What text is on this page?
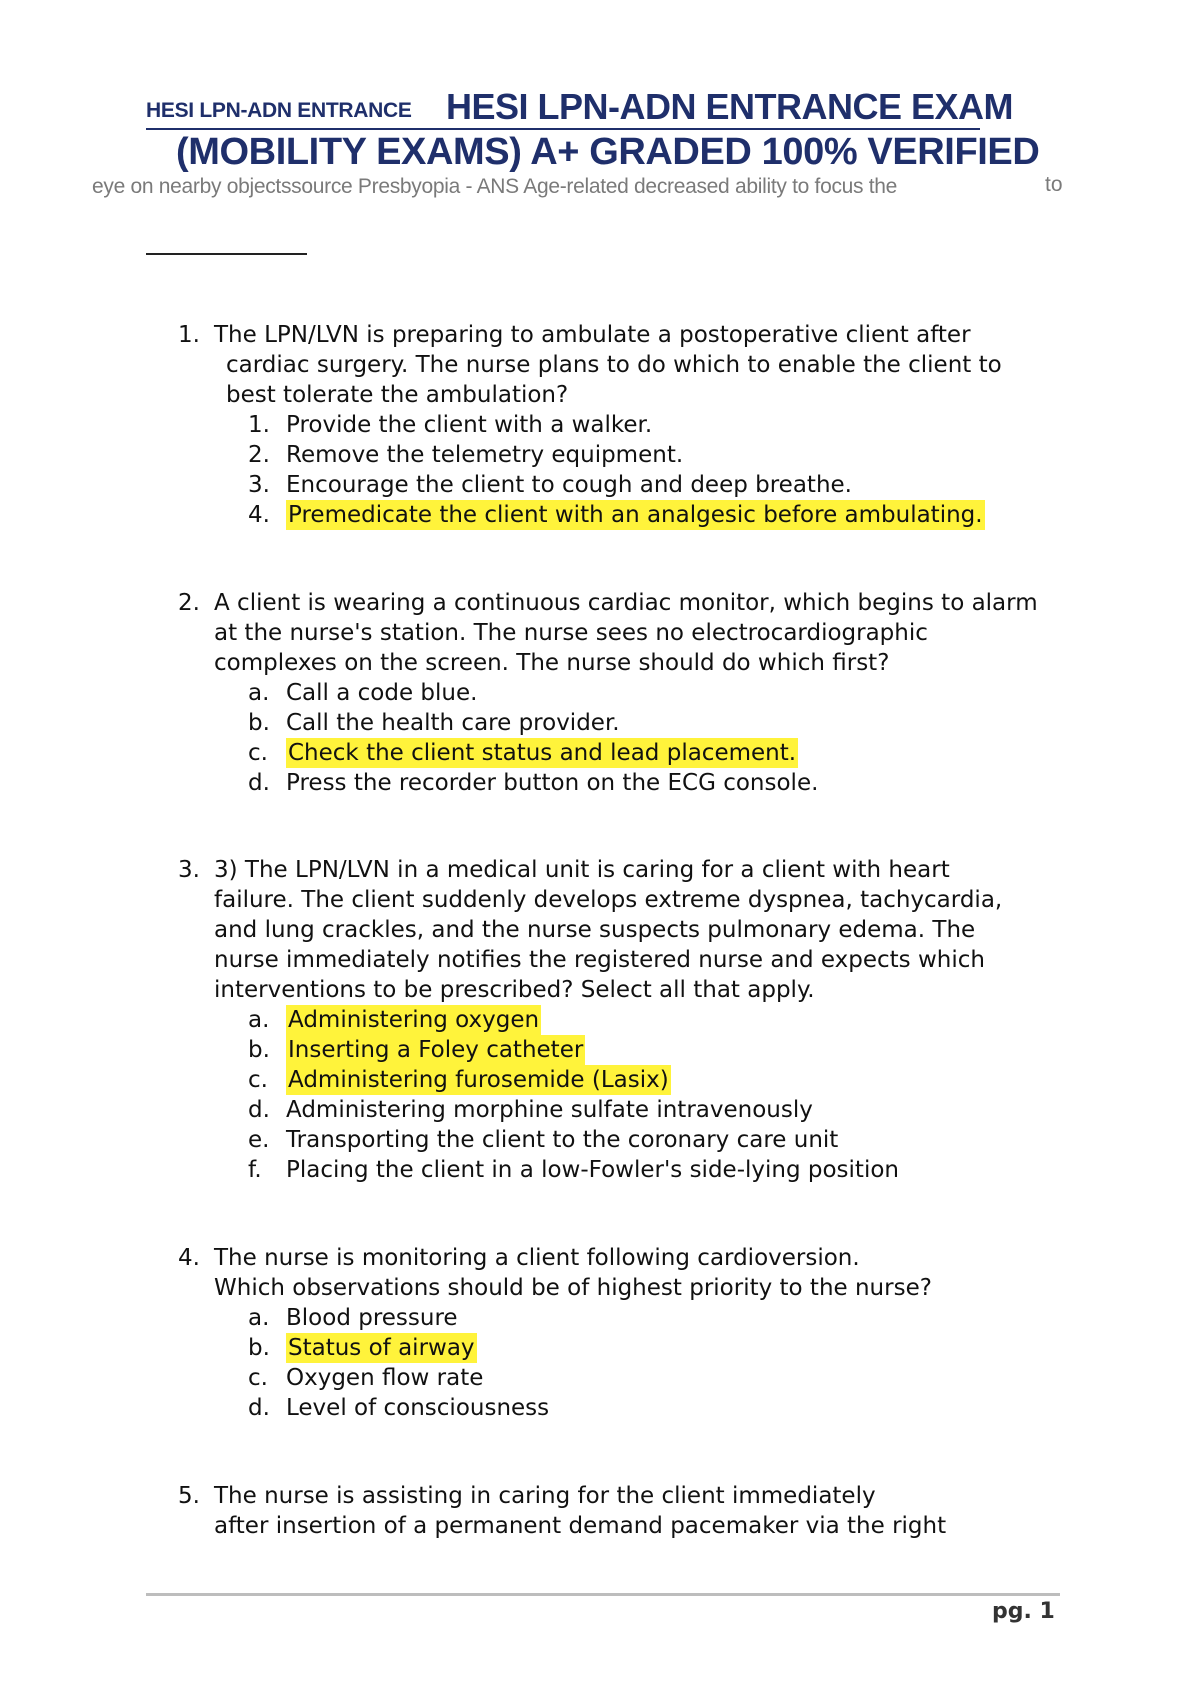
HESI LPN-ADN ENTRANCE HESI LPN-ADN ENTRANCE EXAM
(MOBILITY EXAMS) A+ GRADED 100% VERIFIED
eye on nearby objectssource Presbyopia - ANS Age-related decreased ability to focus the	to
1. The LPN/LVN is preparing to ambulate a postoperative client after
cardiac surgery. The nurse plans to do which to enable the client to
best tolerate the ambulation?
1. Provide the client with a walker.
2. Remove the telemetry equipment.
3. Encourage the client to cough and deep breathe.
4. Premedicate the client with an analgesic before ambulating.
2. A client is wearing a continuous cardiac monitor, which begins to alarm
at the nurse's station. The nurse sees no electrocardiographic
complexes on the screen. The nurse should do which first?
a. Call a code blue.
b. Call the health care provider.
c. Check the client status and lead placement.
d. Press the recorder button on the ECG console.
3. 3) The LPN/LVN in a medical unit is caring for a client with heart
failure. The client suddenly develops extreme dyspnea, tachycardia,
and lung crackles, and the nurse suspects pulmonary edema. The
nurse immediately notifies the registered nurse and expects which
interventions to be prescribed? Select all that apply.
a. Administering oxygen
b. Inserting a Foley catheter
c. Administering furosemide (Lasix)
d. Administering morphine sulfate intravenously
e. Transporting the client to the coronary care unit
f.	Placing the client in a low-Fowler's side-lying position
4. The nurse is monitoring a client following cardioversion.
Which observations should be of highest priority to the nurse?
a. Blood pressure
b. Status of airway
c. Oxygen flow rate
d. Level of consciousness
5. The nurse is assisting in caring for the client immediately
after insertion of a permanent demand pacemaker via the right
pg. 1
